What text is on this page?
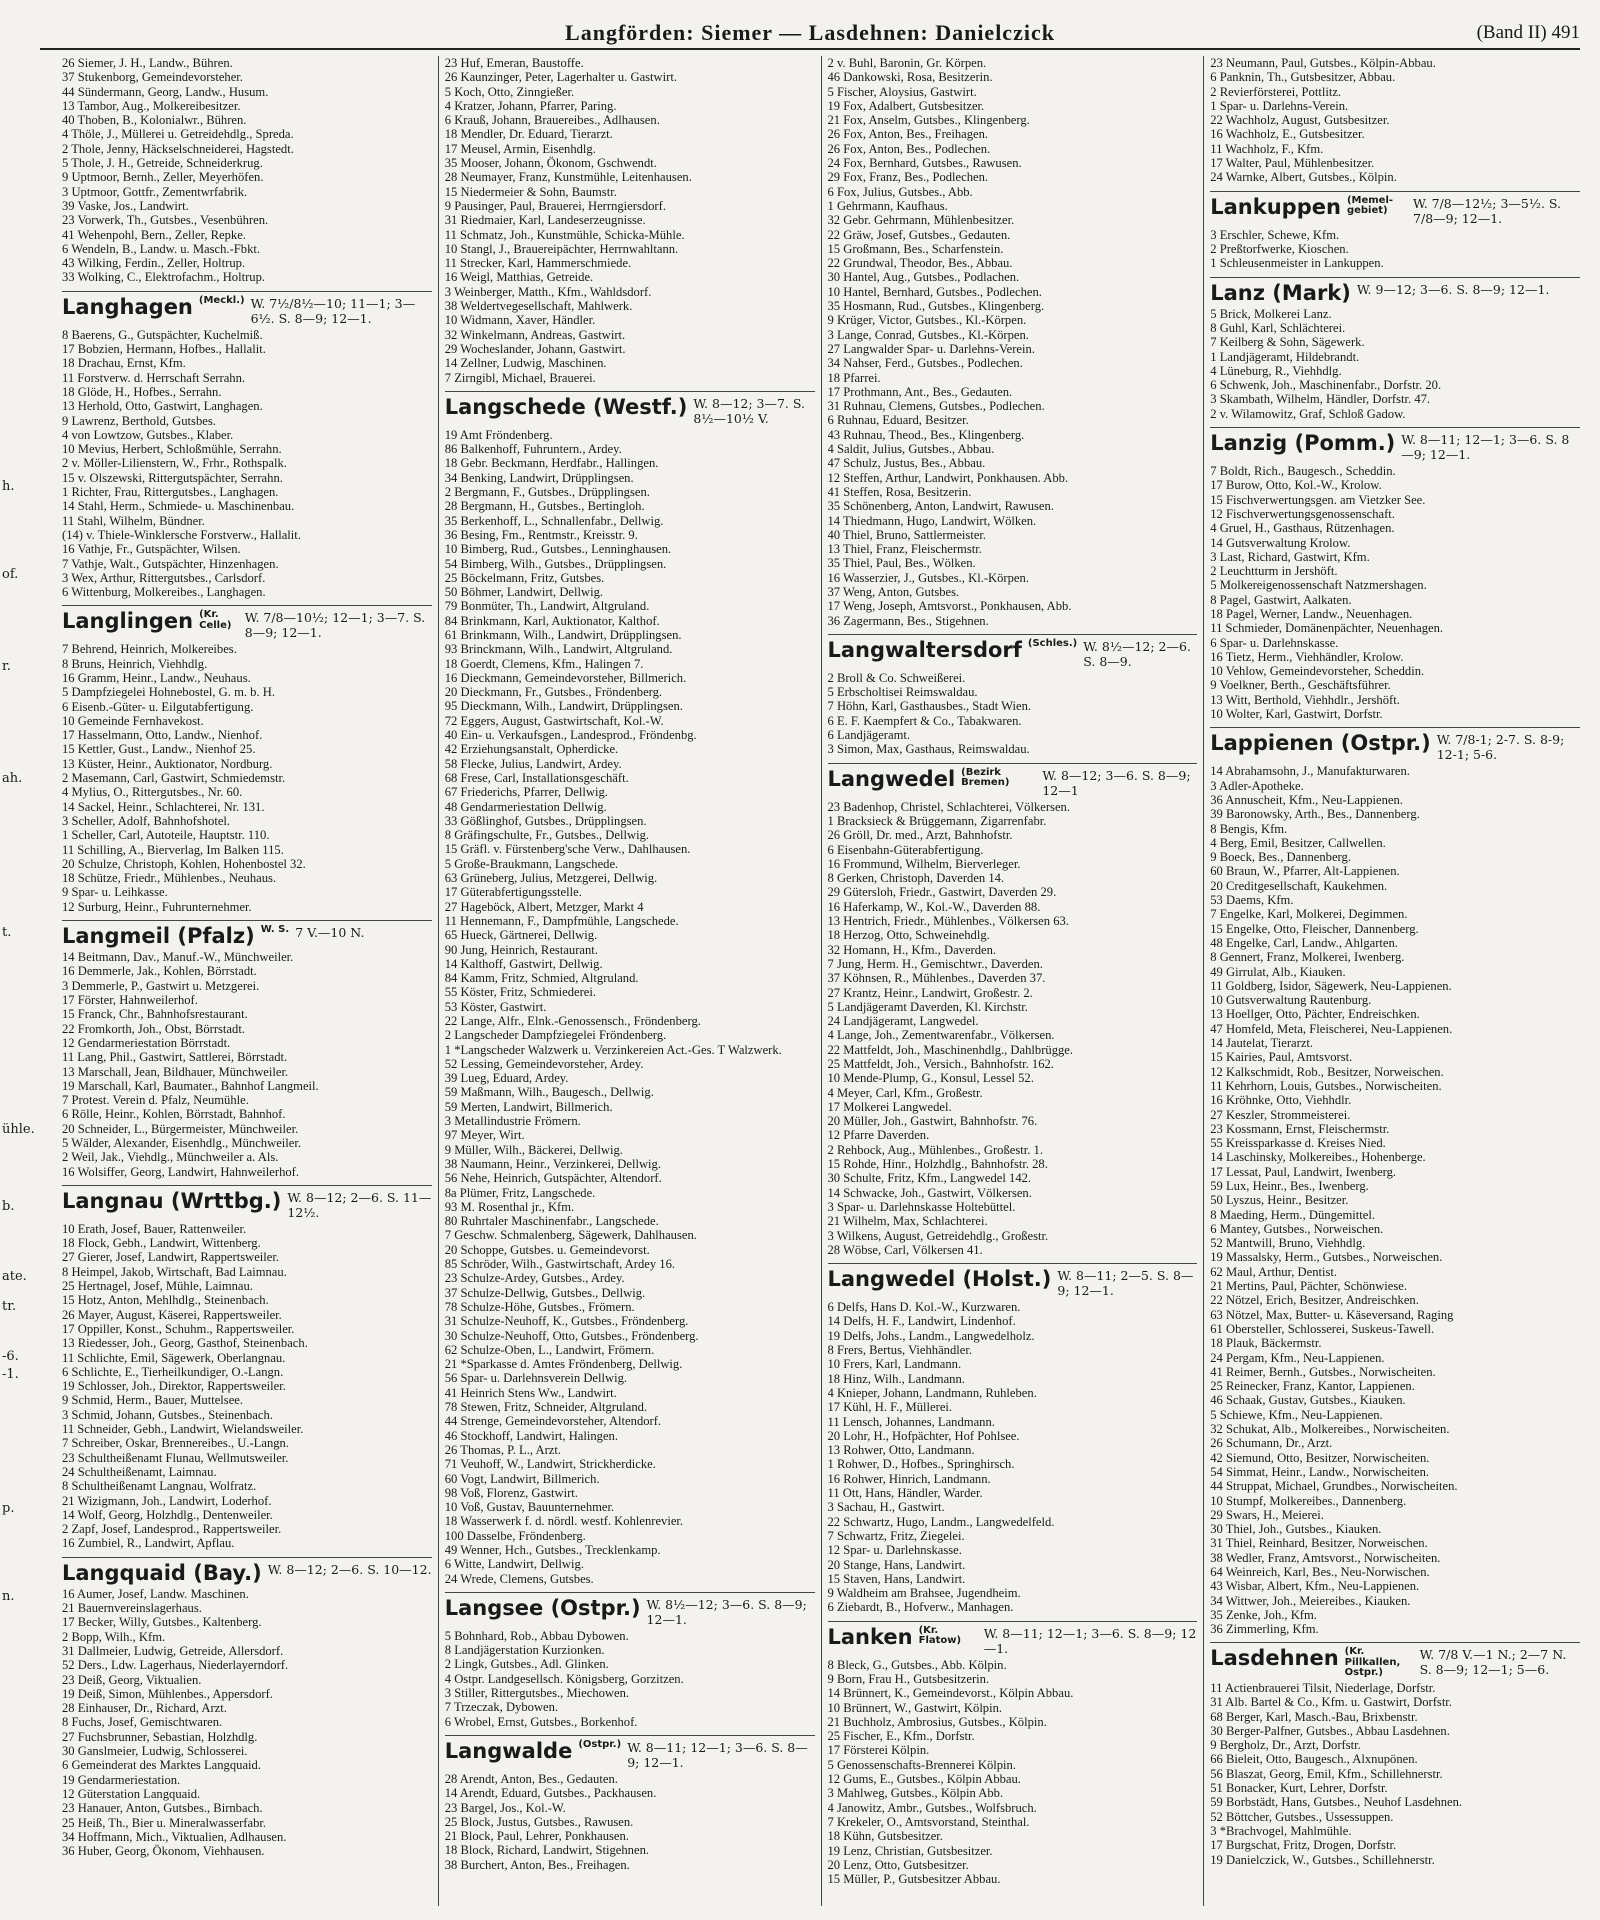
Langförden: Siemer — Lasdehnen: Danielczick	(Band II) 491
h.
of.
r.
ah.
t.
ühle.
b.
ate.
tr.
-6.
-1.
p.
n.
26 Siemer, J. H., Landw., Bühren.
37 Stukenborg, Gemeindevorsteher.
44 Sündermann, Georg, Landw., Husum.
13 Tambor, Aug., Molkereibesitzer.
40 Thoben, B., Kolonialwr., Bühren.
4 Thöle, J., Müllerei u. Getreidehdlg., Spreda.
2 Thole, Jenny, Häckselschneiderei, Hagstedt.
5 Thole, J. H., Getreide, Schneiderkrug.
9 Uptmoor, Bernh., Zeller, Meyerhöfen.
3 Uptmoor, Gottfr., Zementwrfabrik.
39 Vaske, Jos., Landwirt.
23 Vorwerk, Th., Gutsbes., Vesenbühren.
41 Wehenpohl, Bern., Zeller, Repke.
6 Wendeln, B., Landw. u. Masch.-Fbkt.
43 Wilking, Ferdin., Zeller, Holtrup.
33 Wolking, C., Elektrofachm., Holtrup.
Langhagen (Meckl.) W. 7½/8½—10; 11—1; 3—6½. S. 8—9; 12—1.
8 Baerens, G., Gutspächter, Kuchelmiß.
17 Bobzien, Hermann, Hofbes., Hallalit.
18 Drachau, Ernst, Kfm.
11 Forstverw. d. Herrschaft Serrahn.
18 Glöde, H., Hofbes., Serrahn.
13 Herhold, Otto, Gastwirt, Langhagen.
9 Lawrenz, Berthold, Gutsbes.
4 von Lowtzow, Gutsbes., Klaber.
10 Mevius, Herbert, Schloßmühle, Serrahn.
2 v. Möller-Lilienstern, W., Frhr., Rothspalk.
15 v. Olszewski, Rittergutspächter, Serrahn.
1 Richter, Frau, Rittergutsbes., Langhagen.
14 Stahl, Herm., Schmiede- u. Maschinenbau.
11 Stahl, Wilhelm, Bündner.
(14) v. Thiele-Winklersche Forstverw., Hallalit.
16 Vathje, Fr., Gutspächter, Wilsen.
7 Vathje, Walt., Gutspächter, Hinzenhagen.
3 Wex, Arthur, Rittergutsbes., Carlsdorf.
6 Wittenburg, Molkereibes., Langhagen.
Langlingen (Kr. Celle)	W. 7/8—10½; 12—1; 3—7. S. 8—9; 12—1.
7 Behrend, Heinrich, Molkereibes.
8 Bruns, Heinrich, Viehhdlg.
16 Gramm, Heinr., Landw., Neuhaus.
5 Dampfziegelei Hohnebostel, G. m. b. H.
6 Eisenb.-Güter- u. Eilgutabfertigung.
10 Gemeinde Fernhavekost.
17 Hasselmann, Otto, Landw., Nienhof.
15 Kettler, Gust., Landw., Nienhof 25.
13 Küster, Heinr., Auktionator, Nordburg.
2 Masemann, Carl, Gastwirt, Schmiedemstr.
4 Mylius, O., Rittergutsbes., Nr. 60.
14 Sackel, Heinr., Schlachterei, Nr. 131.
3 Scheller, Adolf, Bahnhofshotel.
1 Scheller, Carl, Autoteile, Hauptstr. 110.
11 Schilling, A., Bierverlag, Im Balken 115.
20 Schulze, Christoph, Kohlen, Hohenbostel 32.
18 Schütze, Friedr., Mühlenbes., Neuhaus.
9 Spar- u. Leihkasse.
12 Surburg, Heinr., Fuhrunternehmer.
Langmeil (Pfalz) W. S. 7 V.—10 N.
14 Beitmann, Dav., Manuf.-W., Münchweiler.
16 Demmerle, Jak., Kohlen, Börrstadt.
3 Demmerle, P., Gastwirt u. Metzgerei.
17 Förster, Hahnweilerhof.
15 Franck, Chr., Bahnhofsrestaurant.
22 Fromkorth, Joh., Obst, Börrstadt.
12 Gendarmeriestation Börrstadt.
11 Lang, Phil., Gastwirt, Sattlerei, Börrstadt.
13 Marschall, Jean, Bildhauer, Münchweiler.
19 Marschall, Karl, Baumater., Bahnhof Langmeil.
7 Protest. Verein d. Pfalz, Neumühle.
6 Rölle, Heinr., Kohlen, Börrstadt, Bahnhof.
20 Schneider, L., Bürgermeister, Münchweiler.
5 Wälder, Alexander, Eisenhdlg., Münchweiler.
2 Weil, Jak., Viehdlg., Münchweiler a. Als.
16 Wolsiffer, Georg, Landwirt, Hahnweilerhof.
Langnau (Wrttbg.) W. 8—12; 2—6. S. 11—12½.
10 Erath, Josef, Bauer, Rattenweiler.
18 Flock, Gebh., Landwirt, Wittenberg.
27 Gierer, Josef, Landwirt, Rappertsweiler.
8 Heimpel, Jakob, Wirtschaft, Bad Laimnau.
25 Hertnagel, Josef, Mühle, Laimnau.
15 Hotz, Anton, Mehlhdlg., Steinenbach.
26 Mayer, August, Käserei, Rappertsweiler.
17 Oppiller, Konst., Schuhm., Rappertsweiler.
13 Riedesser, Joh., Georg, Gasthof, Steinenbach.
11 Schlichte, Emil, Sägewerk, Oberlangnau.
6 Schlichte, E., Tierheilkundiger, O.-Langn.
19 Schlosser, Joh., Direktor, Rappertsweiler.
9 Schmid, Herm., Bauer, Muttelsee.
3 Schmid, Johann, Gutsbes., Steinenbach.
11 Schneider, Gebh., Landwirt, Wielandsweiler.
7 Schreiber, Oskar, Brennereibes., U.-Langn.
23 Schultheißenamt Flunau, Wellmutsweiler.
24 Schultheißenamt, Laimnau.
8 Schultheißenamt Langnau, Wolfratz.
21 Wizigmann, Joh., Landwirt, Loderhof.
14 Wolf, Georg, Holzhdlg., Dentenweiler.
2 Zapf, Josef, Landesprod., Rappertsweiler.
16 Zumbiel, R., Landwirt, Apflau.
Langquaid (Bay.) W. 8—12; 2—6. S. 10—12.
16 Aumer, Josef, Landw. Maschinen.
21 Bauernvereinslagerhaus.
17 Becker, Willy, Gutsbes., Kaltenberg.
2 Bopp, Wilh., Kfm.
31 Dallmeier, Ludwig, Getreide, Allersdorf.
52 Ders., Ldw. Lagerhaus, Niederlayerndorf.
23 Deiß, Georg, Viktualien.
19 Deiß, Simon, Mühlenbes., Appersdorf.
28 Einhauser, Dr., Richard, Arzt.
8 Fuchs, Josef, Gemischtwaren.
27 Fuchsbrunner, Sebastian, Holzhdlg.
30 Ganslmeier, Ludwig, Schlosserei.
6 Gemeinderat des Marktes Langquaid.
19 Gendarmeriestation.
12 Güterstation Langquaid.
23 Hanauer, Anton, Gutsbes., Birnbach.
25 Heiß, Th., Bier u. Mineralwasserfabr.
34 Hoffmann, Mich., Viktualien, Adlhausen.
36 Huber, Georg, Ökonom, Viehhausen.
23 Huf, Emeran, Baustoffe.
26 Kaunzinger, Peter, Lagerhalter u. Gastwirt.
5 Koch, Otto, Zinngießer.
4 Kratzer, Johann, Pfarrer, Paring.
6 Krauß, Johann, Brauereibes., Adlhausen.
18 Mendler, Dr. Eduard, Tierarzt.
17 Meusel, Armin, Eisenhdlg.
35 Mooser, Johann, Ökonom, Gschwendt.
28 Neumayer, Franz, Kunstmühle, Leitenhausen.
15 Niedermeier & Sohn, Baumstr.
9 Pausinger, Paul, Brauerei, Herrngiersdorf.
31 Riedmaier, Karl, Landeserzeugnisse.
11 Schmatz, Joh., Kunstmühle, Schicka-Mühle.
10 Stangl, J., Brauereipächter, Herrnwahltann.
11 Strecker, Karl, Hammerschmiede.
16 Weigl, Matthias, Getreide.
3 Weinberger, Matth., Kfm., Wahldsdorf.
38 Weldertvegesellschaft, Mahlwerk.
10 Widmann, Xaver, Händler.
32 Winkelmann, Andreas, Gastwirt.
29 Wocheslander, Johann, Gastwirt.
14 Zellner, Ludwig, Maschinen.
7 Zirngibl, Michael, Brauerei.
Langschede (Westf.) W. 8—12; 3—7. S. 8½—10½ V.
19 Amt Fröndenberg.
86 Balkenhoff, Fuhruntern., Ardey.
18 Gebr. Beckmann, Herdfabr., Hallingen.
34 Benking, Landwirt, Drüpplingsen.
2 Bergmann, F., Gutsbes., Drüpplingsen.
28 Bergmann, H., Gutsbes., Bertingloh.
35 Berkenhoff, L., Schnallenfabr., Dellwig.
36 Besing, Fm., Rentmstr., Kreisstr. 9.
10 Bimberg, Rud., Gutsbes., Lenninghausen.
54 Bimberg, Wilh., Gutsbes., Drüpplingsen.
25 Böckelmann, Fritz, Gutsbes.
50 Böhmer, Landwirt, Dellwig.
79 Bonmüter, Th., Landwirt, Altgruland.
84 Brinkmann, Karl, Auktionator, Kalthof.
61 Brinkmann, Wilh., Landwirt, Drüpplingsen.
93 Brinckmann, Wilh., Landwirt, Altgruland.
18 Goerdt, Clemens, Kfm., Halingen 7.
16 Dieckmann, Gemeindevorsteher, Billmerich.
20 Dieckmann, Fr., Gutsbes., Fröndenberg.
95 Dieckmann, Wilh., Landwirt, Drüpplingsen.
72 Eggers, August, Gastwirtschaft, Kol.-W.
40 Ein- u. Verkaufsgen., Landesprod., Fröndenbg.
42 Erziehungsanstalt, Opherdicke.
58 Flecke, Julius, Landwirt, Ardey.
68 Frese, Carl, Installationsgeschäft.
67 Friederichs, Pfarrer, Dellwig.
48 Gendarmeriestation Dellwig.
33 Gößlinghof, Gutsbes., Drüpplingsen.
8 Gräfingschulte, Fr., Gutsbes., Dellwig.
15 Gräfl. v. Fürstenberg'sche Verw., Dahlhausen.
5 Große-Braukmann, Langschede.
63 Grüneberg, Julius, Metzgerei, Dellwig.
17 Güterabfertigungsstelle.
27 Hageböck, Albert, Metzger, Markt 4
11 Hennemann, F., Dampfmühle, Langschede.
65 Hueck, Gärtnerei, Dellwig.
90 Jung, Heinrich, Restaurant.
14 Kalthoff, Gastwirt, Dellwig.
84 Kamm, Fritz, Schmied, Altgruland.
55 Köster, Fritz, Schmiederei.
53 Köster, Gastwirt.
22 Lange, Alfr., Elnk.-Genossensch., Fröndenberg.
2 Langscheder Dampfziegelei Fröndenberg.
1 *Langscheder Walzwerk u. Verzinkereien Act.-Ges. T Walzwerk.
52 Lessing, Gemeindevorsteher, Ardey.
39 Lueg, Eduard, Ardey.
59 Maßmann, Wilh., Baugesch., Dellwig.
59 Merten, Landwirt, Billmerich.
3 Metallindustrie Frömern.
97 Meyer, Wirt.
9 Müller, Wilh., Bäckerei, Dellwig.
38 Naumann, Heinr., Verzinkerei, Dellwig.
56 Nehe, Heinrich, Gutspächter, Altendorf.
8a Plümer, Fritz, Langschede.
93 M. Rosenthal jr., Kfm.
80 Ruhrtaler Maschinenfabr., Langschede.
7 Geschw. Schmalenberg, Sägewerk, Dahlhausen.
20 Schoppe, Gutsbes. u. Gemeindevorst.
85 Schröder, Wilh., Gastwirtschaft, Ardey 16.
23 Schulze-Ardey, Gutsbes., Ardey.
37 Schulze-Dellwig, Gutsbes., Dellwig.
78 Schulze-Höhe, Gutsbes., Frömern.
31 Schulze-Neuhoff, K., Gutsbes., Fröndenberg.
30 Schulze-Neuhoff, Otto, Gutsbes., Fröndenberg.
62 Schulze-Oben, L., Landwirt, Frömern.
21 *Sparkasse d. Amtes Fröndenberg, Dellwig.
56 Spar- u. Darlehnsverein Dellwig.
41 Heinrich Stens Ww., Landwirt.
78 Stewen, Fritz, Schneider, Altgruland.
44 Strenge, Gemeindevorsteher, Altendorf.
46 Stockhoff, Landwirt, Halingen.
26 Thomas, P. L., Arzt.
71 Veuhoff, W., Landwirt, Strickherdicke.
60 Vogt, Landwirt, Billmerich.
98 Voß, Florenz, Gastwirt.
10 Voß, Gustav, Bauunternehmer.
18 Wasserwerk f. d. nördl. westf. Kohlenrevier.
100 Dasselbe, Fröndenberg.
49 Wenner, Hch., Gutsbes., Trecklenkamp.
6 Witte, Landwirt, Dellwig.
24 Wrede, Clemens, Gutsbes.
Langsee (Ostpr.) W. 8½—12; 3—6. S. 8—9; 12—1.
5 Bohnhard, Rob., Abbau Dybowen.
8 Landjägerstation Kurzionken.
2 Lingk, Gutsbes., Adl. Glinken.
4 Ostpr. Landgesellsch. Königsberg, Gorzitzen.
3 Stiller, Rittergutsbes., Miechowen.
7 Trzeczak, Dybowen.
6 Wrobel, Ernst, Gutsbes., Borkenhof.
Langwalde (Ostpr.) W. 8—11; 12—1; 3—6. S. 8—9; 12—1.
28 Arendt, Anton, Bes., Gedauten.
14 Arendt, Eduard, Gutsbes., Packhausen.
23 Bargel, Jos., Kol.-W.
25 Block, Justus, Gutsbes., Rawusen.
21 Block, Paul, Lehrer, Ponkhausen.
18 Block, Richard, Landwirt, Stigehnen.
38 Burchert, Anton, Bes., Freihagen.
2 v. Buhl, Baronin, Gr. Körpen.
46 Dankowski, Rosa, Besitzerin.
5 Fischer, Aloysius, Gastwirt.
19 Fox, Adalbert, Gutsbesitzer.
21 Fox, Anselm, Gutsbes., Klingenberg.
26 Fox, Anton, Bes., Freihagen.
26 Fox, Anton, Bes., Podlechen.
24 Fox, Bernhard, Gutsbes., Rawusen.
29 Fox, Franz, Bes., Podlechen.
6 Fox, Julius, Gutsbes., Abb.
1 Gehrmann, Kaufhaus.
32 Gebr. Gehrmann, Mühlenbesitzer.
22 Gräw, Josef, Gutsbes., Gedauten.
15 Großmann, Bes., Scharfenstein.
22 Grundwal, Theodor, Bes., Abbau.
30 Hantel, Aug., Gutsbes., Podlachen.
10 Hantel, Bernhard, Gutsbes., Podlechen.
35 Hosmann, Rud., Gutsbes., Klingenberg.
9 Krüger, Victor, Gutsbes., Kl.-Körpen.
3 Lange, Conrad, Gutsbes., Kl.-Körpen.
27 Langwalder Spar- u. Darlehns-Verein.
34 Nahser, Ferd., Gutsbes., Podlechen.
18 Pfarrei.
17 Prothmann, Ant., Bes., Gedauten.
31 Ruhnau, Clemens, Gutsbes., Podlechen.
6 Ruhnau, Eduard, Besitzer.
43 Ruhnau, Theod., Bes., Klingenberg.
4 Saldit, Julius, Gutsbes., Abbau.
47 Schulz, Justus, Bes., Abbau.
12 Steffen, Arthur, Landwirt, Ponkhausen. Abb.
41 Steffen, Rosa, Besitzerin.
35 Schönenberg, Anton, Landwirt, Rawusen.
14 Thiedmann, Hugo, Landwirt, Wölken.
40 Thiel, Bruno, Sattlermeister.
13 Thiel, Franz, Fleischermstr.
35 Thiel, Paul, Bes., Wölken.
16 Wasserzier, J., Gutsbes., Kl.-Körpen.
37 Weng, Anton, Gutsbes.
17 Weng, Joseph, Amtsvorst., Ponkhausen, Abb.
36 Zagermann, Bes., Stigehnen.
Langwaltersdorf (Schles.) W. 8½—12; 2—6. S. 8—9.
2 Broll & Co. Schweißerei.
5 Erbscholtisei Reimswaldau.
7 Höhn, Karl, Gasthausbes., Stadt Wien.
6 E. F. Kaempfert & Co., Tabakwaren.
6 Landjägeramt.
3 Simon, Max, Gasthaus, Reimswaldau.
Langwedel (Bezirk Bremen)	W. 8—12; 3—6. S. 8—9; 12—1
23 Badenhop, Christel, Schlachterei, Völkersen.
1 Bracksieck & Brüggemann, Zigarrenfabr.
26 Gröll, Dr. med., Arzt, Bahnhofstr.
6 Eisenbahn-Güterabfertigung.
16 Frommund, Wilhelm, Bierverleger.
8 Gerken, Christoph, Daverden 14.
29 Gütersloh, Friedr., Gastwirt, Daverden 29.
16 Haferkamp, W., Kol.-W., Daverden 88.
13 Hentrich, Friedr., Mühlenbes., Völkersen 63.
18 Herzog, Otto, Schweinehdlg.
32 Homann, H., Kfm., Daverden.
7 Jung, Herm. H., Gemischtwr., Daverden.
37 Köhnsen, R., Mühlenbes., Daverden 37.
27 Krantz, Heinr., Landwirt, Großestr. 2.
5 Landjägeramt Daverden, Kl. Kirchstr.
24 Landjägeramt, Langwedel.
4 Lange, Joh., Zementwarenfabr., Völkersen.
22 Mattfeldt, Joh., Maschinenhdlg., Dahlbrügge.
25 Mattfeldt, Joh., Versich., Bahnhofstr. 162.
10 Mende-Plump, G., Konsul, Lessel 52.
4 Meyer, Carl, Kfm., Großestr.
17 Molkerei Langwedel.
20 Müller, Joh., Gastwirt, Bahnhofstr. 76.
12 Pfarre Daverden.
2 Rehbock, Aug., Mühlenbes., Großestr. 1.
15 Rohde, Hinr., Holzhdlg., Bahnhofstr. 28.
30 Schulte, Fritz, Kfm., Langwedel 142.
14 Schwacke, Joh., Gastwirt, Völkersen.
3 Spar- u. Darlehnskasse Holtebüttel.
21 Wilhelm, Max, Schlachterei.
3 Wilkens, August, Getreidehdlg., Großestr.
28 Wöbse, Carl, Völkersen 41.
Langwedel (Holst.) W. 8—11; 2—5. S. 8—9; 12—1.
6 Delfs, Hans D. Kol.-W., Kurzwaren.
14 Delfs, H. F., Landwirt, Lindenhof.
19 Delfs, Johs., Landm., Langwedelholz.
8 Frers, Bertus, Viehhändler.
10 Frers, Karl, Landmann.
18 Hinz, Wilh., Landmann.
4 Knieper, Johann, Landmann, Ruhleben.
17 Kühl, H. F., Müllerei.
11 Lensch, Johannes, Landmann.
20 Lohr, H., Hofpächter, Hof Pohlsee.
13 Rohwer, Otto, Landmann.
1 Rohwer, D., Hofbes., Springhirsch.
16 Rohwer, Hinrich, Landmann.
11 Ott, Hans, Händler, Warder.
3 Sachau, H., Gastwirt.
22 Schwartz, Hugo, Landm., Langwedelfeld.
7 Schwartz, Fritz, Ziegelei.
12 Spar- u. Darlehnskasse.
20 Stange, Hans, Landwirt.
15 Staven, Hans, Landwirt.
9 Waldheim am Brahsee, Jugendheim.
6 Ziebardt, B., Hofverw., Manhagen.
Lanken (Kr. Flatow)	W. 8—11; 12—1; 3—6. S. 8—9; 12—1.
8 Bleck, G., Gutsbes., Abb. Kölpin.
9 Born, Frau H., Gutsbesitzerin.
14 Brünnert, K., Gemeindevorst., Kölpin Abbau.
10 Brünnert, W., Gastwirt, Kölpin.
21 Buchholz, Ambrosius, Gutsbes., Kölpin.
25 Fischer, E., Kfm., Dorfstr.
17 Försterei Kölpin.
5 Genossenschafts-Brennerei Kölpin.
12 Gums, E., Gutsbes., Kölpin Abbau.
3 Mahlweg, Gutsbes., Kölpin Abb.
4 Janowitz, Ambr., Gutsbes., Wolfsbruch.
7 Krekeler, O., Amtsvorstand, Steinthal.
18 Kühn, Gutsbesitzer.
19 Lenz, Christian, Gutsbesitzer.
20 Lenz, Otto, Gutsbesitzer.
15 Müller, P., Gutsbesitzer Abbau.
23 Neumann, Paul, Gutsbes., Kölpin-Abbau.
6 Panknin, Th., Gutsbesitzer, Abbau.
2 Revierförsterei, Pottlitz.
1 Spar- u. Darlehns-Verein.
22 Wachholz, August, Gutsbesitzer.
16 Wachholz, E., Gutsbesitzer.
11 Wachholz, F., Kfm.
17 Walter, Paul, Mühlenbesitzer.
24 Warnke, Albert, Gutsbes., Kölpin.
Lankuppen (Memel-gebiet)	W. 7/8—12½; 3—5½. S. 7/8—9; 12—1.
3 Erschler, Schewe, Kfm.
2 Preßtorfwerke, Kioschen.
1 Schleusenmeister in Lankuppen.
Lanz (Mark) W. 9—12; 3—6. S. 8—9; 12—1.
5 Brick, Molkerei Lanz.
8 Guhl, Karl, Schlächterei.
7 Keilberg & Sohn, Sägewerk.
1 Landjägeramt, Hildebrandt.
4 Lüneburg, R., Viehhdlg.
6 Schwenk, Joh., Maschinenfabr., Dorfstr. 20.
3 Skambath, Wilhelm, Händler, Dorfstr. 47.
2 v. Wilamowitz, Graf, Schloß Gadow.
Lanzig (Pomm.) W. 8—11; 12—1; 3—6. S. 8—9; 12—1.
7 Boldt, Rich., Baugesch., Scheddin.
17 Burow, Otto, Kol.-W., Krolow.
15 Fischverwertungsgen. am Vietzker See.
12 Fischverwertungsgenossenschaft.
4 Gruel, H., Gasthaus, Rützenhagen.
14 Gutsverwaltung Krolow.
3 Last, Richard, Gastwirt, Kfm.
2 Leuchtturm in Jershöft.
5 Molkereigenossenschaft Natzmershagen.
8 Pagel, Gastwirt, Aalkaten.
18 Pagel, Werner, Landw., Neuenhagen.
11 Schmieder, Domänenpächter, Neuenhagen.
6 Spar- u. Darlehnskasse.
16 Tietz, Herm., Viehhändler, Krolow.
10 Vehlow, Gemeindevorsteher, Scheddin.
9 Voelkner, Berth., Geschäftsführer.
13 Witt, Berthold, Viehhdlr., Jershöft.
10 Wolter, Karl, Gastwirt, Dorfstr.
Lappienen (Ostpr.) W. 7/8-1; 2-7. S. 8-9; 12-1; 5-6.
14 Abrahamsohn, J., Manufakturwaren.
3 Adler-Apotheke.
36 Annuscheit, Kfm., Neu-Lappienen.
39 Baronowsky, Arth., Bes., Dannenberg.
8 Bengis, Kfm.
4 Berg, Emil, Besitzer, Callwellen.
9 Boeck, Bes., Dannenberg.
60 Braun, W., Pfarrer, Alt-Lappienen.
20 Creditgesellschaft, Kaukehmen.
53 Daems, Kfm.
7 Engelke, Karl, Molkerei, Degimmen.
15 Engelke, Otto, Fleischer, Dannenberg.
48 Engelke, Carl, Landw., Ahlgarten.
8 Gennert, Franz, Molkerei, Iwenberg.
49 Girrulat, Alb., Kiauken.
11 Goldberg, Isidor, Sägewerk, Neu-Lappienen.
10 Gutsverwaltung Rautenburg.
13 Hoellger, Otto, Pächter, Endreischken.
47 Homfeld, Meta, Fleischerei, Neu-Lappienen.
14 Jautelat, Tierarzt.
15 Kairies, Paul, Amtsvorst.
12 Kalkschmidt, Rob., Besitzer, Norweischen.
11 Kehrhorn, Louis, Gutsbes., Norwischeiten.
16 Kröhnke, Otto, Viehhdlr.
27 Keszler, Strommeisterei.
23 Kossmann, Ernst, Fleischermstr.
55 Kreissparkasse d. Kreises Nied.
14 Laschinsky, Molkereibes., Hohenberge.
17 Lessat, Paul, Landwirt, Iwenberg.
59 Lux, Heinr., Bes., Iwenberg.
50 Lyszus, Heinr., Besitzer.
8 Maeding, Herm., Düngemittel.
6 Mantey, Gutsbes., Norweischen.
52 Mantwill, Bruno, Viehhdlg.
19 Massalsky, Herm., Gutsbes., Norweischen.
62 Maul, Arthur, Dentist.
21 Mertins, Paul, Pächter, Schönwiese.
22 Nötzel, Erich, Besitzer, Andreischken.
63 Nötzel, Max, Butter- u. Käseversand, Raging
61 Obersteller, Schlosserei, Suskeus-Tawell.
18 Plauk, Bäckermstr.
24 Pergam, Kfm., Neu-Lappienen.
41 Reimer, Bernh., Gutsbes., Norwischeiten.
25 Reinecker, Franz, Kantor, Lappienen.
46 Schaak, Gustav, Gutsbes., Kiauken.
5 Schiewe, Kfm., Neu-Lappienen.
32 Schukat, Alb., Molkereibes., Norwischeiten.
26 Schumann, Dr., Arzt.
42 Siemund, Otto, Besitzer, Norwischeiten.
54 Simmat, Heinr., Landw., Norwischeiten.
44 Struppat, Michael, Grundbes., Norwischeiten.
10 Stumpf, Molkereibes., Dannenberg.
29 Swars, H., Meierei.
30 Thiel, Joh., Gutsbes., Kiauken.
31 Thiel, Reinhard, Besitzer, Norweischen.
38 Wedler, Franz, Amtsvorst., Norwischeiten.
64 Weinreich, Karl, Bes., Neu-Norwischen.
43 Wisbar, Albert, Kfm., Neu-Lappienen.
34 Wittwer, Joh., Meiereibes., Kiauken.
35 Zenke, Joh., Kfm.
36 Zimmerling, Kfm.
Lasdehnen (Kr. Pillkallen, Ostpr.)
W. 7/8 V.—1 N.; 2—7 N. S. 8—9; 12—1; 5—6.
11 Actienbrauerei Tilsit, Niederlage, Dorfstr.
31 Alb. Bartel & Co., Kfm. u. Gastwirt, Dorfstr.
68 Berger, Karl, Masch.-Bau, Brixbenstr.
30 Berger-Palfner, Gutsbes., Abbau Lasdehnen.
9 Bergholz, Dr., Arzt, Dorfstr.
66 Bieleit, Otto, Baugesch., Alxnupönen.
56 Blaszat, Georg, Emil, Kfm., Schillehnerstr.
51 Bonacker, Kurt, Lehrer, Dorfstr.
59 Borbstädt, Hans, Gutsbes., Neuhof Lasdehnen.
52 Böttcher, Gutsbes., Ussessuppen.
3 *Brachvogel, Mahlmühle.
17 Burgschat, Fritz, Drogen, Dorfstr.
19 Danielczick, W., Gutsbes., Schillehnerstr.
